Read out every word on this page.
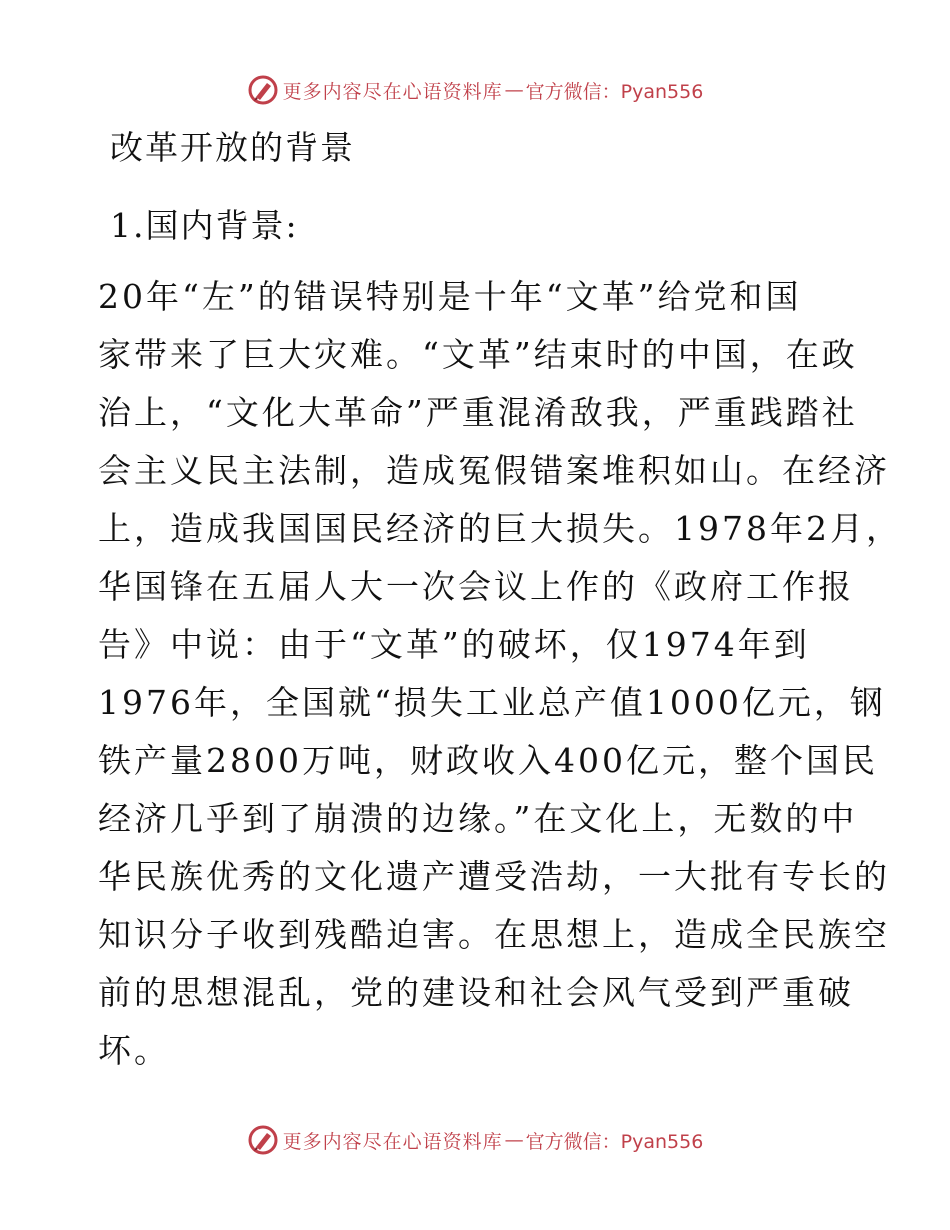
更多内容尽在心语资料库 — 官方微信：Pyan556
改革开放的背景
1.国内背景:
20年“左”的错误特别是十年“文革”给党和国
家带来了巨大灾难。“文革”结束时的中国，在政
治上，“文化大革命”严重混淆敌我，严重践踏社
会主义民主法制，造成冤假错案堆积如山。在经济
上，造成我国国民经济的巨大损失。1978年2月，
华国锋在五届人大一次会议上作的《政府工作报
告》中说：由于“文革”的破坏，仅1974年到
1976年，全国就“损失工业总产值1000亿元，钢
铁产量2800万吨，财政收入400亿元，整个国民
经济几乎到了崩溃的边缘。”在文化上，无数的中
华民族优秀的文化遗产遭受浩劫，一大批有专长的
知识分子收到残酷迫害。在思想上，造成全民族空
前的思想混乱，党的建设和社会风气受到严重破
坏。
更多内容尽在心语资料库 — 官方微信：Pyan556
